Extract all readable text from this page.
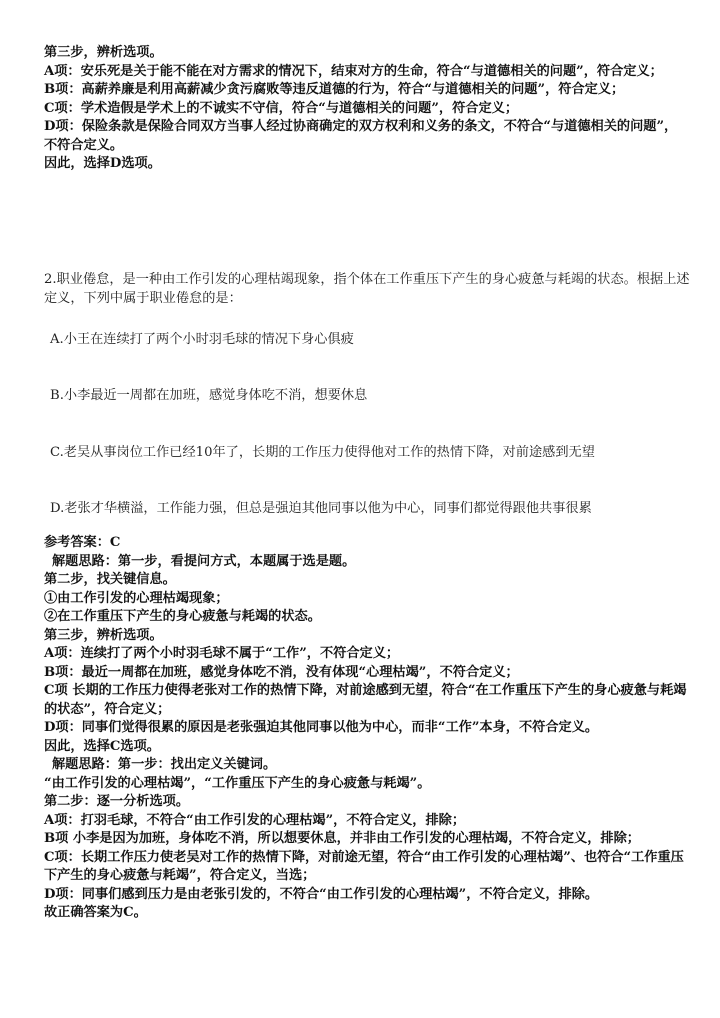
第三步，辨析选项。

A项：安乐死是关于能不能在对方需求的情况下，结束对方的生命，符合“与道德相关的问题”，符合定义；

B项：高薪养廉是利用高薪减少贪污腐败等违反道德的行为，符合“与道德相关的问题”，符合定义；

C项：学术造假是学术上的不诚实不守信，符合“与道德相关的问题”，符合定义；

D项：保险条款是保险合同双方当事人经过协商确定的双方权利和义务的条文，不符合“与道德相关的问题”，不符合定义。

因此，选择D选项。

2.职业倦怠，是一种由工作引发的心理枯竭现象，指个体在工作重压下产生的身心疲惫与耗竭的状态。根据上述定义，下列中属于职业倦怠的是：

A.小王在连续打了两个小时羽毛球的情况下身心俱疲
B.小李最近一周都在加班，感觉身体吃不消，想要休息
C.老吴从事岗位工作已经10年了，长期的工作压力使得他对工作的热情下降，对前途感到无望
D.老张才华横溢，工作能力强，但总是强迫其他同事以他为中心，同事们都觉得跟他共事很累

参考答案：C

解题思路：第一步，看提问方式，本题属于选是题。

第二步，找关键信息。

①由工作引发的心理枯竭现象；

②在工作重压下产生的身心疲惫与耗竭的状态。

第三步，辨析选项。

A项：连续打了两个小时羽毛球不属于“工作”，不符合定义；

B项：最近一周都在加班，感觉身体吃不消，没有体现“心理枯竭”，不符合定义；

C项 长期的工作压力使得老张对工作的热情下降，对前途感到无望，符合“在工作重压下产生的身心疲惫与耗竭的状态”，符合定义；

D项：同事们觉得很累的原因是老张强迫其他同事以他为中心，而非“工作”本身，不符合定义。

因此，选择C选项。

解题思路：第一步：找出定义关键词。

“由工作引发的心理枯竭”，“工作重压下产生的身心疲惫与耗竭”。

第二步：逐一分析选项。

A项：打羽毛球，不符合“由工作引发的心理枯竭”，不符合定义，排除；

B项 小李是因为加班，身体吃不消，所以想要休息，并非由工作引发的心理枯竭，不符合定义，排除；

C项：长期工作压力使老吴对工作的热情下降，对前途无望，符合“由工作引发的心理枯竭”、也符合“工作重压下产生的身心疲惫与耗竭”，符合定义，当选；

D项：同事们感到压力是由老张引发的，不符合“由工作引发的心理枯竭”，不符合定义，排除。

故正确答案为C。
